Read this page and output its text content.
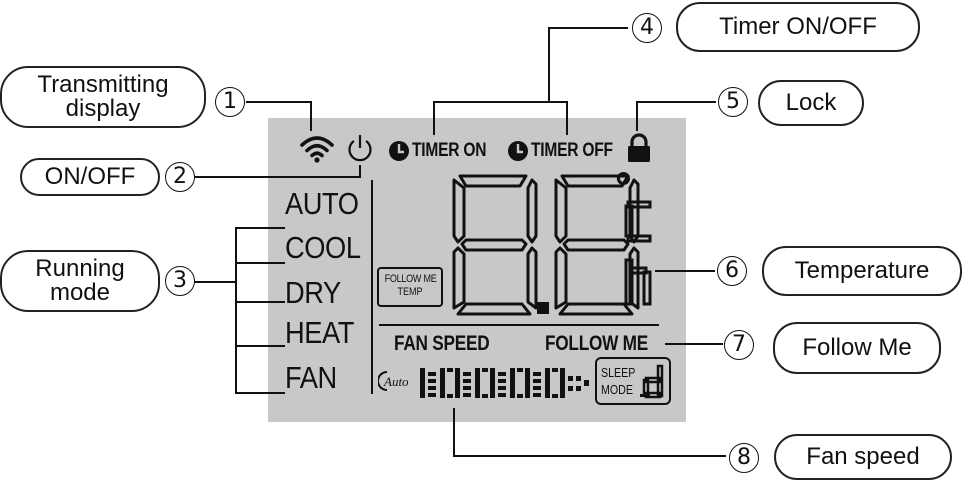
TIMER ON TIMER OFF
AUTO
COOL
DRY
HEAT
FAN
FOLLOW ME
TEMP
°
FAN SPEED	FOLLOW ME
Auto
SLEEP
MODE
Transmitting
display	1
ON/OFF	2
Running
mode	3
4	Timer ON/OFF
5	Lock
6	Temperature
7	Follow Me
8	Fan speed
